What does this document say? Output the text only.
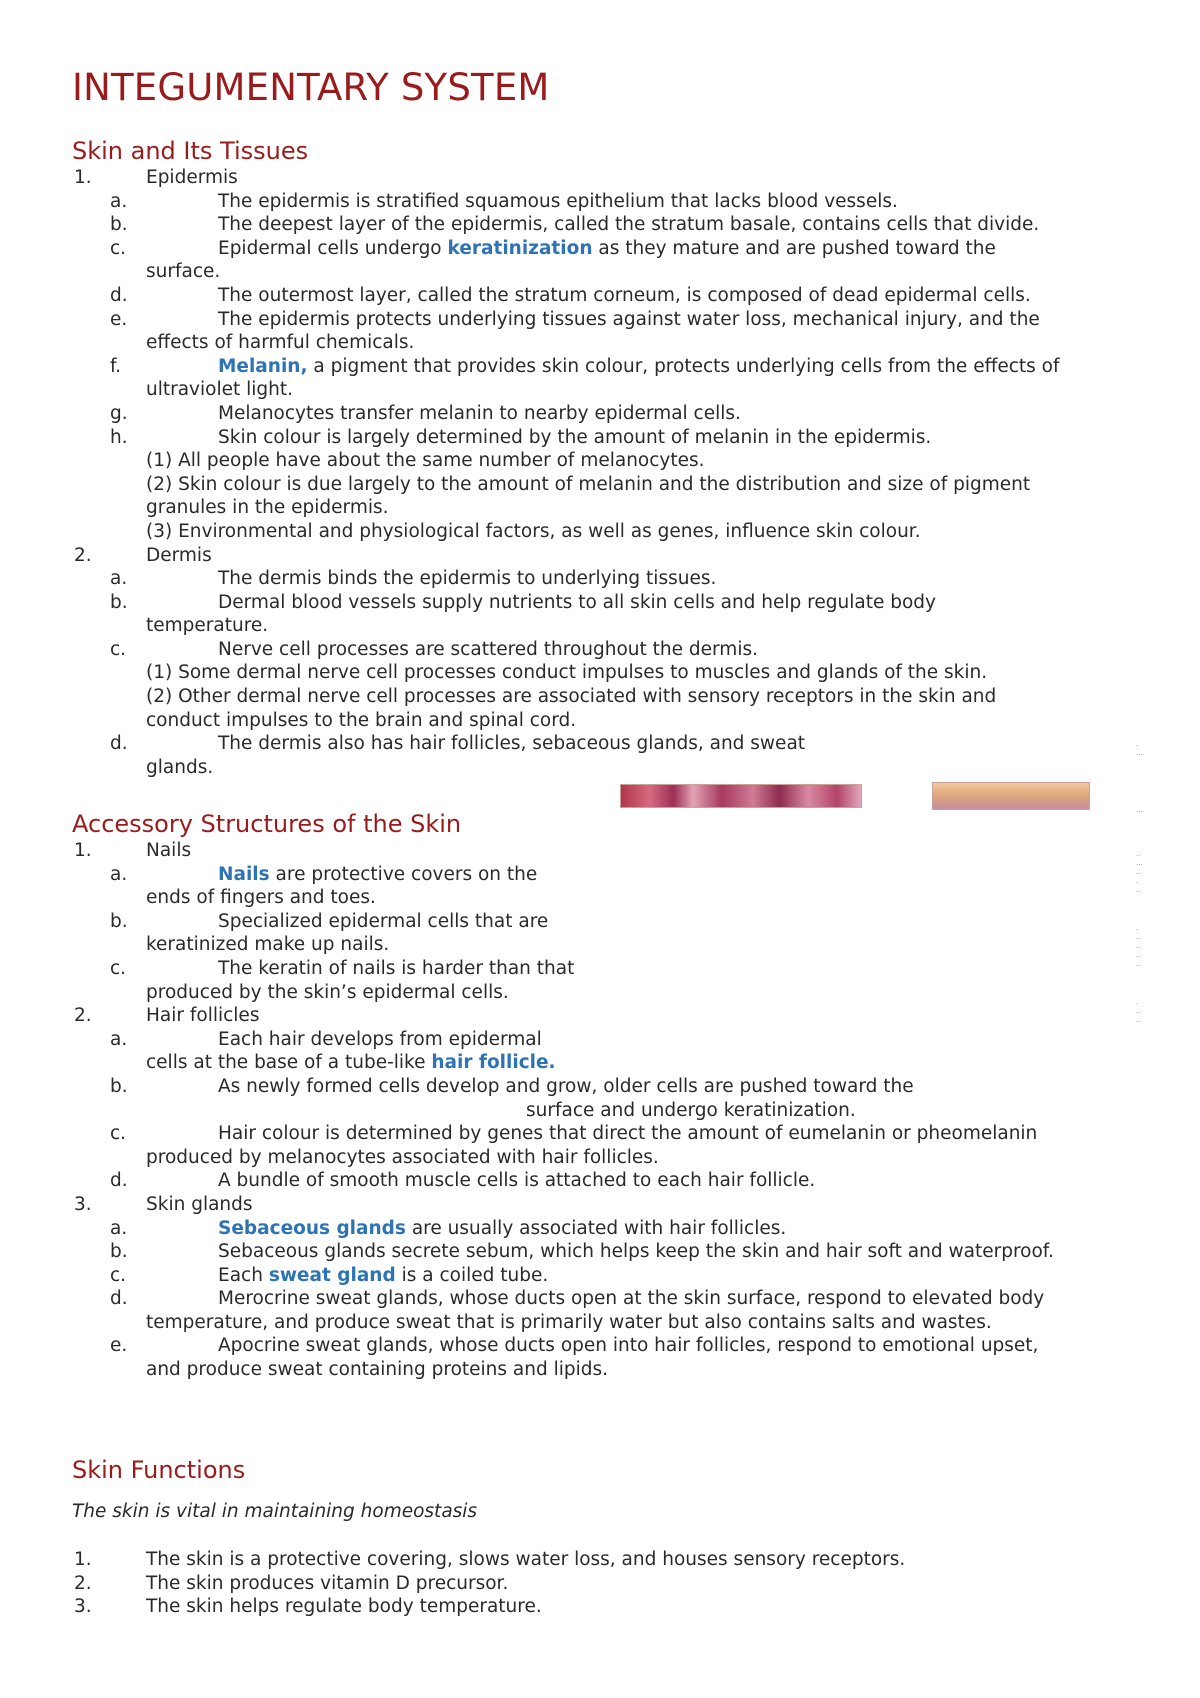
INTEGUMENTARY SYSTEM
Skin and Its Tissues
1.	Epidermis
a.	The epidermis is stratified squamous epithelium that lacks blood vessels.
b.	The deepest layer of the epidermis, called the stratum basale, contains cells that divide.
c.	Epidermal cells undergo keratinization as they mature and are pushed toward the surface.
d.	The outermost layer, called the stratum corneum, is composed of dead epidermal cells.
e.	The epidermis protects underlying tissues against water loss, mechanical injury, and the effects of harmful chemicals.
f.	Melanin, a pigment that provides skin colour, protects underlying cells from the effects of ultraviolet light.
g.	Melanocytes transfer melanin to nearby epidermal cells.
h.	Skin colour is largely determined by the amount of melanin in the epidermis.
(1) All people have about the same number of melanocytes.
(2) Skin colour is due largely to the amount of melanin and the distribution and size of pigment granules in the epidermis.
(3) Environmental and physiological factors, as well as genes, influence skin colour.
2.	Dermis
a.	The dermis binds the epidermis to underlying tissues.
b.	Dermal blood vessels supply nutrients to all skin cells and help regulate body temperature.
c.	Nerve cell processes are scattered throughout the dermis.
(1) Some dermal nerve cell processes conduct impulses to muscles and glands of the skin.
(2) Other dermal nerve cell processes are associated with sensory receptors in the skin and conduct impulses to the brain and spinal cord.
d.	The dermis also has hair follicles, sebaceous glands, and sweat glands.
·
····
····
··
···
··
·
··
·
··
··
··
··
·
··
··
Accessory Structures of the Skin
1.	Nails
a.	Nails are protective covers on the ends of fingers and toes.
b.	Specialized epidermal cells that are keratinized make up nails.
c.	The keratin of nails is harder than that produced by the skin’s epidermal cells.
2.	Hair follicles
a.	Each hair develops from epidermal cells at the base of a tube-like hair follicle.
b.	As newly formed cells develop and grow, older cells are pushed toward thesurface and undergo keratinization.
c.	Hair colour is determined by genes that direct the amount of eumelanin or pheomelanin produced by melanocytes associated with hair follicles.
d.	A bundle of smooth muscle cells is attached to each hair follicle.
3.	Skin glands
a.	Sebaceous glands are usually associated with hair follicles.
b.	Sebaceous glands secrete sebum, which helps keep the skin and hair soft and waterproof.
c.	Each sweat gland is a coiled tube.
d.	Merocrine sweat glands, whose ducts open at the skin surface, respond to elevated body temperature, and produce sweat that is primarily water but also contains salts and wastes.
e.	Apocrine sweat glands, whose ducts open into hair follicles, respond to emotional upset, and produce sweat containing proteins and lipids.
Skin Functions

The skin is vital in maintaining homeostasis

1.	The skin is a protective covering, slows water loss, and houses sensory receptors.
2.	The skin produces vitamin D precursor.
3.	The skin helps regulate body temperature.
